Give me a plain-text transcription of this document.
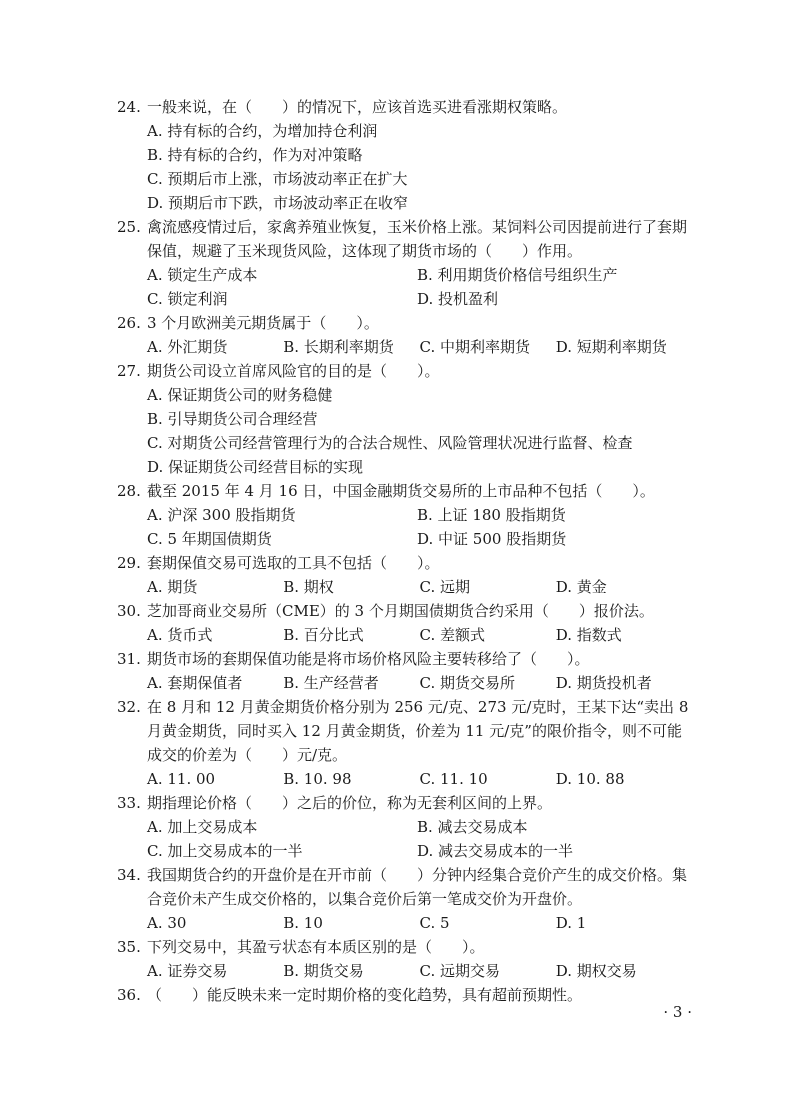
24. 一般来说，在（　　）的情况下，应该首选买进看涨期权策略。
A. 持有标的合约，为增加持仓利润
B. 持有标的合约，作为对冲策略
C. 预期后市上涨，市场波动率正在扩大
D. 预期后市下跌，市场波动率正在收窄
25. 禽流感疫情过后，家禽养殖业恢复，玉米价格上涨。某饲料公司因提前进行了套期保值，规避了玉米现货风险，这体现了期货市场的（　　）作用。
A. 锁定生产成本	B. 利用期货价格信号组织生产
C. 锁定利润	D. 投机盈利
26. 3 个月欧洲美元期货属于（　　）。
A. 外汇期货	B. 长期利率期货	C. 中期利率期货	D. 短期利率期货
27. 期货公司设立首席风险官的目的是（　　）。
A. 保证期货公司的财务稳健
B. 引导期货公司合理经营
C. 对期货公司经营管理行为的合法合规性、风险管理状况进行监督、检查
D. 保证期货公司经营目标的实现
28. 截至 2015 年 4 月 16 日，中国金融期货交易所的上市品种不包括（　　）。
A. 沪深 300 股指期货	B. 上证 180 股指期货
C. 5 年期国债期货	D. 中证 500 股指期货
29. 套期保值交易可选取的工具不包括（　　）。
A. 期货	B. 期权	C. 远期	D. 黄金
30. 芝加哥商业交易所（CME）的 3 个月期国债期货合约采用（　　）报价法。
A. 货币式	B. 百分比式	C. 差额式	D. 指数式
31. 期货市场的套期保值功能是将市场价格风险主要转移给了（　　）。
A. 套期保值者	B. 生产经营者	C. 期货交易所	D. 期货投机者
32. 在 8 月和 12 月黄金期货价格分别为 256 元/克、273 元/克时，王某下达“卖出 8 月黄金期货，同时买入 12 月黄金期货，价差为 11 元/克”的限价指令，则不可能成交的价差为（　　）元/克。
A. 11. 00	B. 10. 98	C. 11. 10	D. 10. 88
33. 期指理论价格（　　）之后的价位，称为无套利区间的上界。
A. 加上交易成本	B. 减去交易成本
C. 加上交易成本的一半	D. 减去交易成本的一半
34. 我国期货合约的开盘价是在开市前（　　）分钟内经集合竞价产生的成交价格。集合竞价未产生成交价格的，以集合竞价后第一笔成交价为开盘价。
A. 30	B. 10	C. 5	D. 1
35. 下列交易中，其盈亏状态有本质区别的是（　　）。
A. 证券交易	B. 期货交易	C. 远期交易	D. 期权交易
36. （　　）能反映未来一定时期价格的变化趋势，具有超前预期性。
· 3 ·
